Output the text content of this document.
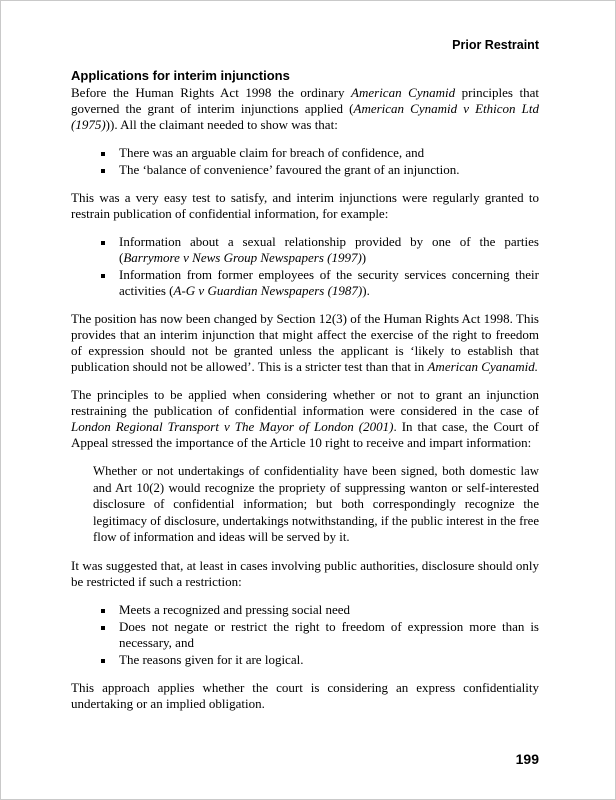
Prior Restraint
Applications for interim injunctions

Before the Human Rights Act 1998 the ordinary American Cynamid principles that governed the grant of interim injunctions applied (American Cynamid v Ethicon Ltd (1975))). All the claimant needed to show was that:

There was an arguable claim for breach of confidence, and
The ‘balance of convenience’ favoured the grant of an injunction.

This was a very easy test to satisfy, and interim injunctions were regularly granted to restrain publication of confidential information, for example:

Information about a sexual relationship provided by one of the parties (Barrymore v News Group Newspapers (1997))
Information from former employees of the security services concerning their activities (A-G v Guardian Newspapers (1987)).

The position has now been changed by Section 12(3) of the Human Rights Act 1998. This provides that an interim injunction that might affect the exercise of the right to freedom of expression should not be granted unless the applicant is ‘likely to establish that publication should not be allowed’. This is a stricter test than that in American Cyanamid.

The principles to be applied when considering whether or not to grant an injunction restraining the publication of confidential information were considered in the case of London Regional Transport v The Mayor of London (2001). In that case, the Court of Appeal stressed the importance of the Article 10 right to receive and impart information:

Whether or not undertakings of confidentiality have been signed, both domestic law and Art 10(2) would recognize the propriety of suppressing wanton or self-interested disclosure of confidential information; but both correspondingly recognize the legitimacy of disclosure, undertakings notwithstanding, if the public interest in the free flow of information and ideas will be served by it.

It was suggested that, at least in cases involving public authorities, disclosure should only be restricted if such a restriction:

Meets a recognized and pressing social need
Does not negate or restrict the right to freedom of expression more than is necessary, and
The reasons given for it are logical.

This approach applies whether the court is considering an express confidentiality undertaking or an implied obligation.

199
